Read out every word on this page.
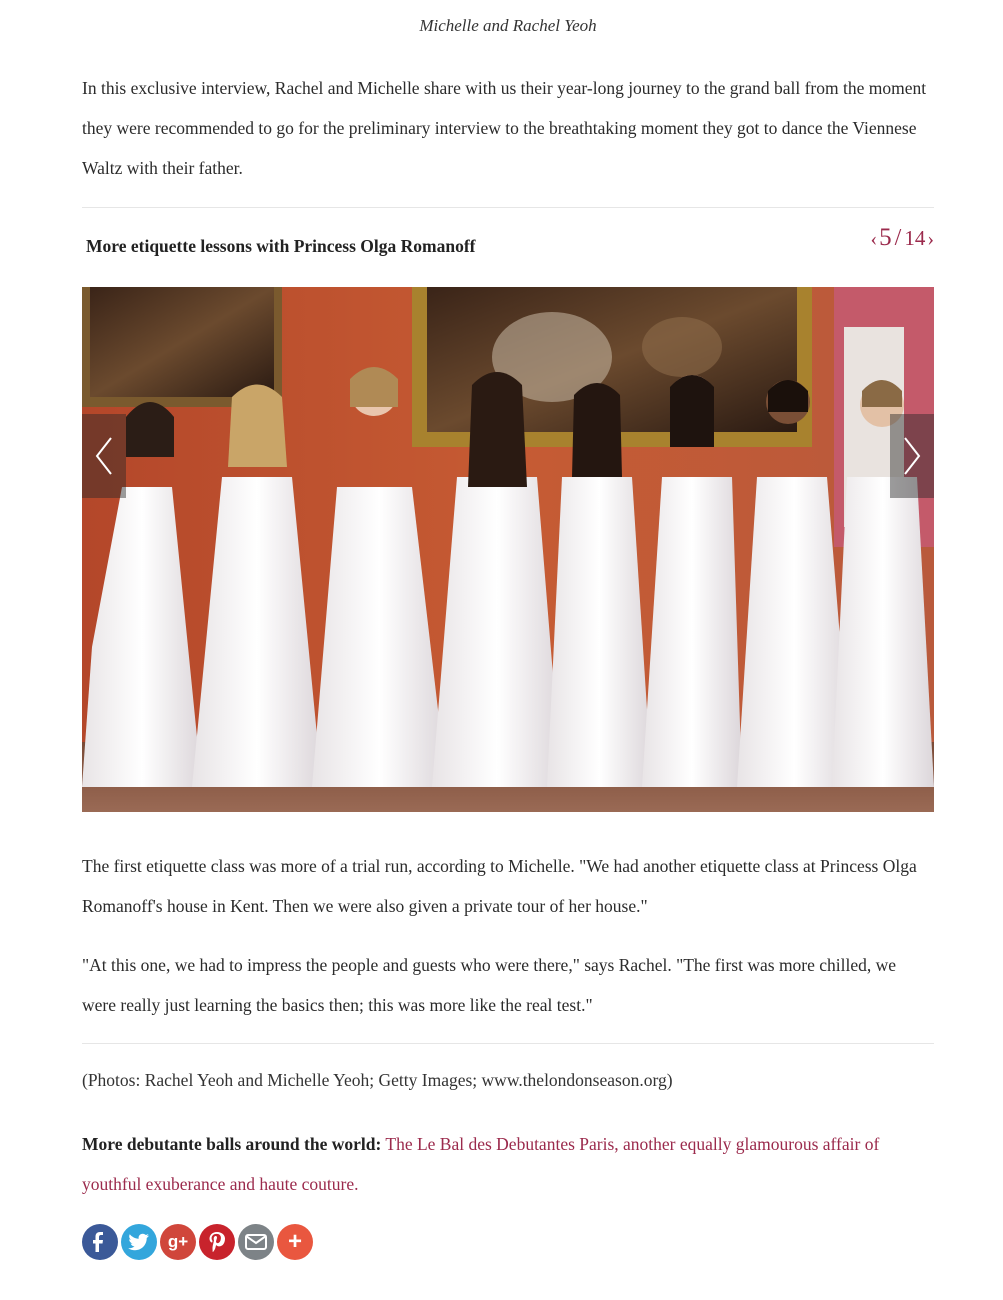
Michelle and Rachel Yeoh
In this exclusive interview, Rachel and Michelle share with us their year-long journey to the grand ball from the moment they were recommended to go for the preliminary interview to the breathtaking moment they got to dance the Viennese Waltz with their father.
More etiquette lessons with Princess Olga Romanoff	‹ 5 / 14 ›
The first etiquette class was more of a trial run, according to Michelle. "We had another etiquette class at Princess Olga Romanoff's house in Kent. Then we were also given a private tour of her house."
"At this one, we had to impress the people and guests who were there," says Rachel. "The first was more chilled, we were really just learning the basics then; this was more like the real test."
(Photos: Rachel Yeoh and Michelle Yeoh; Getty Images; www.thelondonseason.org)
More debutante balls around the world: The Le Bal des Debutantes Paris, another equally glamourous affair of youthful exuberance and haute couture.
g+	+
